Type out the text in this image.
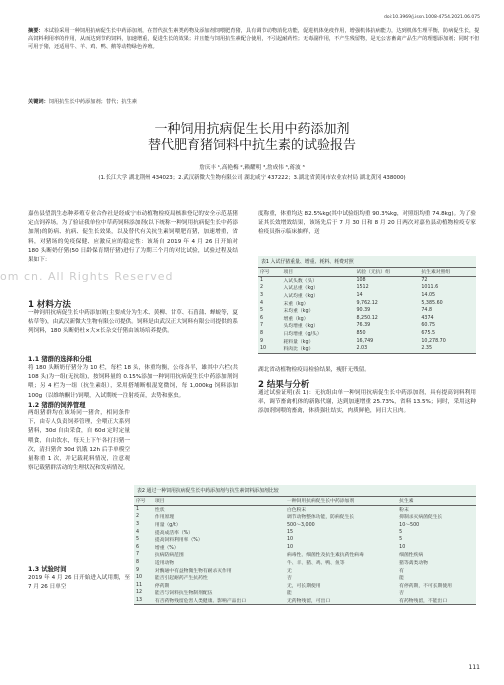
doi:10.3969/j.issn.1008-4754.2021.06.075
摘要：本试验采用一种饲用抗病促生长中药添加剂，在替代抗生素类药物及添加剂饲喂肥育猪，具有调节动物消化功能，促进机体免疫作用，增强机体抗病能力，达到机体生理平衡，防病促生长，提高饲料利用率的作用，从而达到节约饲料，加速增重，促进生长的效果；并且能与饲用抗生素配合使用，不引起耐药性；无毒副作用，不产生残留物，是无公害畜禽产品生产的理想添加剂；同时不但可用于猪，还适用牛、羊、鸡、鸭、鹅等动物绿色养殖。
关键词：饲用抗生长中药添加剂；替代；抗生素
一种饲用抗病促生长用中药添加剂
替代肥育猪饲料中抗生素的试验报告
詹庆丰 ¹,高艳梅 ²,赖耀明 ³,詹成伟 ³,蒋波 ³
(1.长江大学 湖北荆州 434023；2.武汉新微大生物有限公司 湖北咸宁 437222；3.湖北省黄冈市农业农村局 湖北黄冈 438000)
嘉鱼县望凯生态种养殖专业合作社是经咸宁市动植物检疫局核准登记的安全示范基猪定点饲养场。为了验证我单位中草药饲料添加剂(以下统称一种饲用抗病促生长中药添加剂)的防病、抗病、促生长效果，以及替代有关抗生素饲喂肥育猪，加速增重，省料，对猪场的免疫保健、应激反应的稳定性：该场自 2019 年 4 月 26 日开始对 180 头断奶仔猪(50 日龄保育期仔猪)进行了为期三个月的对比试验，试验过程及结果如下：
度称重，体重均达 82.5%kg(其中试验组均重 90.3%kg，对照组均重 74.8kg)。为了验证其长效增效结果，该场先后于 7 月 30 日和 8 月 20 日两次对嘉鱼县动植物检疫专家检疫员指示临床抽样，送
om cn. All Rights Reserved
1 材料方法
一种饲用抗病促生长中药添加剂(主要成分为生术、黄柳、甘草、石菖蒲、蝉蜕等，夏枯草等)，由武汉新微大生物有限公司提供。饲料是由武汉正大饲料有限公司提供的系列饲料，180 头断奶杜×大×长杂交仔猪由该场培养提供。
1.1 猪群的选择和分组
将 180 头断奶仔猪分为 10 栏，每栏 18 头，体重均衡，公母各半，雄其中六栏(共 108 头)为一组(无抗组)，按饲料量的 0.15%添加一种饲用抗病促生长中药添加剂饲喂；另 4 栏为一组（抗生素组），采用搭埔断根混宽微饲，每 1,000kg 饲料添加 100g（以维纳酮计)饲喂，入试期统一注射疫苗，去势和驱虫。
1.2 猪群的饲养管理
两组猪群均在该场同一猪舍，相同条件下，由专人负责饲养管理，全喂正大系列猪料，30d 自由采食，自 60d 定时定量喂食，自由饮水，每天上下午各打扫猪一次，清扫猪舍 30d 饥饿 12h 后手单模空量称重 1 次，并记载耗料情况，注意观察记载猪群活动的生理状况和发病情况。
1.3 试验时间
2019 年 4 月 26 日开始进入试用期，至 7 月 26 日单空
表1 入试仔猪重量、增重、耗料、耗费对照
序号	项目	试验（无抗）组	抗生素对照组
1	入试头数（头）	108	72
2	入试总重（kg）	1512	1011.6
3	入试均重（kg）	14	14.05
4	末重（kg）	9,762.12	5,385.60
5	末均重（kg）	90.39	74.8
6	增重（kg）	8,250.12	4374
7	头均增重（kg）	76.39	60.75
8	日均增重（g/头）	850	675.5
9	耗料量（kg）	16,749	10,278.70
10	料肉比（kg）	2.03	2.35
湖北省动植物检疫局检验结果，瘦肝无残留。
2 结果与分析
通过试验证明(表 1)：无抗组由单一种饲用抗病促生长中药添加剂，具有提高饲料利用率，调节畜禽机体的新陈代谢，达到加速增重 25.73%，省料 13.5%；同时，采用这种添加剂饲喂的畜禽，体质强壮结实，肉质鲜艳，同日大且肉。
表2 通过一种饲用抗病促生长中药添加剂与抗生素饲料添加剂比较
序号	项目	一种饲用抗病促生长中药添加剂	抗生素
1	性状	白色粉末	粉末
2	作用原理	调节动物整体功能，防病促生长	抑制杀灭病菌促生长
3	用量（g/t）	500～3,000	10～500
4	提高成活率（%）	15	5
5	提高饲料利用率（%）	10	5
6	增重（%）	10	10
7	抗病防病范围	病毒性、细菌性及抗生素抗药性病毒	细菌性疾病
8	适用动物	牛、羊、猪、鸡、鸭、鱼等	猪等禽类动物
9	对酶通中有益物微生物有耐杀灭作用	无	有
10	能否引起耐药产生抗药性	否	能
11	停药期	无，可长期使用	有停药期，不可长期使用
12	能否与饲料抗生物制剂配伍	能	否
13	有否药物残留危害人类健康、影响产品出口	无药物残留，可出口	有药物残留，不能出口
111
